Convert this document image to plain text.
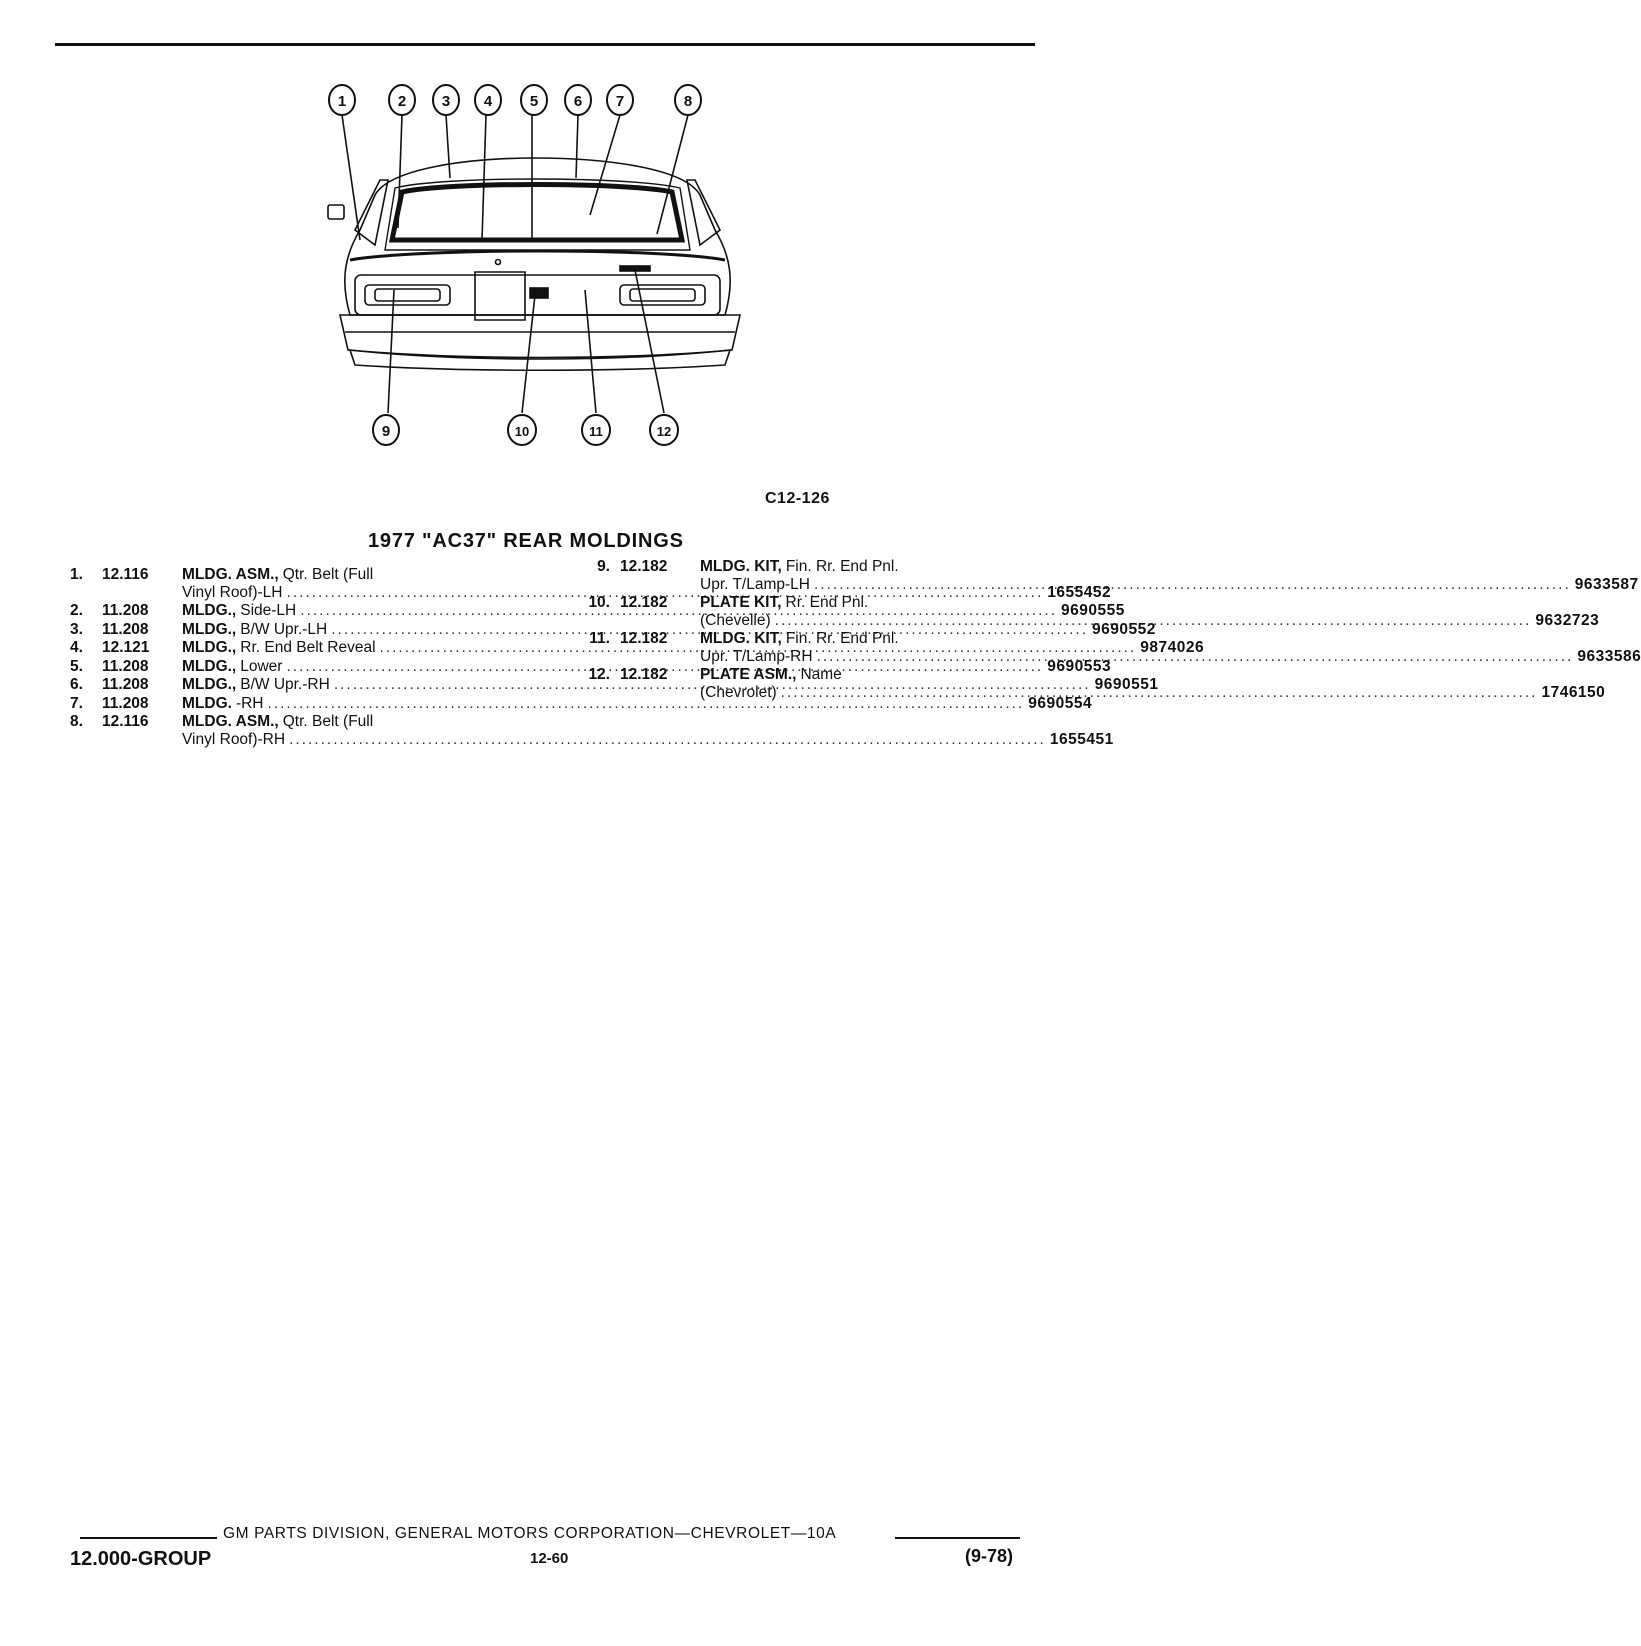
1	2 3 4	5 6 7	8
9	10	11	12
C12-126
1977 "AC37" REAR MOLDINGS
1.	12.116	MLDG. ASM., Qtr. Belt (Full
Vinyl Roof)-LH .....	1655452
2.	11.208	MLDG., Side-LH .....	9690555
3.	11.208	MLDG., B/W Upr.-LH .....	9690552
4.	12.121	MLDG., Rr. End Belt Reveal .....	9874026
5.	11.208	MLDG., Lower .....	9690553
6.	11.208	MLDG., B/W Upr.-RH .....	9690551
7.	11.208	MLDG. -RH .....	9690554
8.	12.116	MLDG. ASM., Qtr. Belt (Full
Vinyl Roof)-RH .....	1655451
9. 12.182	MLDG. KIT, Fin. Rr. End Pnl.
Upr. T/Lamp-LH .....	9633587
10. 12.182	PLATE KIT, Rr. End Pnl.
(Chevelle) .....	9632723
11. 12.182	MLDG. KIT, Fin. Rr. End Pnl.
Upr. T/Lamp-RH .....	9633586
12. 12.182	PLATE ASM., Name
(Chevrolet) .....	1746150
GM PARTS DIVISION, GENERAL MOTORS CORPORATION—CHEVROLET—10A
12.000-GROUP	12-60	(9-78)
